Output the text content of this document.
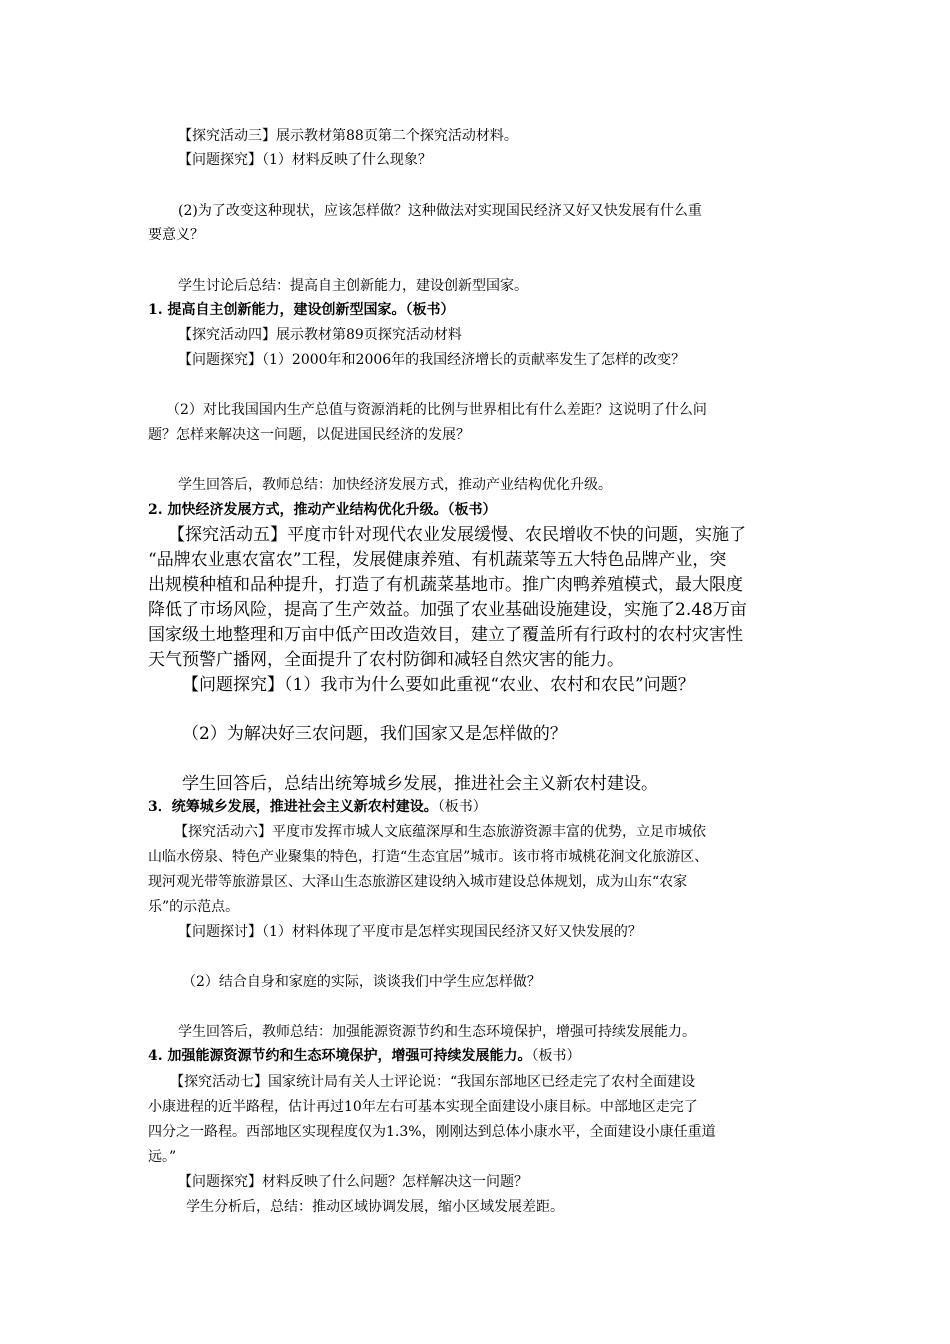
【探究活动三】展示教材第88页第二个探究活动材料。

【问题探究】（1）材料反映了什么现象？

(2)为了改变这种现状，应该怎样做？这种做法对实现国民经济又好又快发展有什么重

要意义？

学生讨论后总结：提高自主创新能力，建设创新型国家。

1. 提高自主创新能力，建设创新型国家。（板书）

【探究活动四】展示教材第89页探究活动材料

【问题探究】（1）2000年和2006年的我国经济增长的贡献率发生了怎样的改变？

（2）对比我国国内生产总值与资源消耗的比例与世界相比有什么差距？这说明了什么问

题？怎样来解决这一问题，以促进国民经济的发展？

学生回答后，教师总结：加快经济发展方式，推动产业结构优化升级。

2. 加快经济发展方式，推动产业结构优化升级。（板书）

【探究活动五】平度市针对现代农业发展缓慢、农民增收不快的问题，实施了

“品牌农业惠农富农”工程，发展健康养殖、有机蔬菜等五大特色品牌产业，突

出规模种植和品种提升，打造了有机蔬菜基地市。推广肉鸭养殖模式，最大限度

降低了市场风险，提高了生产效益。加强了农业基础设施建设，实施了2.48万亩

国家级土地整理和万亩中低产田改造效目，建立了覆盖所有行政村的农村灾害性

天气预警广播网，全面提升了农村防御和减轻自然灾害的能力。

【问题探究】（1）我市为什么要如此重视“农业、农村和农民”问题？

（2）为解决好三农问题，我们国家又是怎样做的？

学生回答后，总结出统筹城乡发展，推进社会主义新农村建设。

3．统筹城乡发展，推进社会主义新农村建设。（板书）

【探究活动六】平度市发挥市城人文底蕴深厚和生态旅游资源丰富的优势，立足市城依

山临水傍泉、特色产业聚集的特色，打造“生态宜居”城市。该市将市城桃花涧文化旅游区、

现河观光带等旅游景区、大泽山生态旅游区建设纳入城市建设总体规划，成为山东“农家

乐”的示范点。

【问题探讨】（1）材料体现了平度市是怎样实现国民经济又好又快发展的？

（2）结合自身和家庭的实际，谈谈我们中学生应怎样做？

学生回答后，教师总结：加强能源资源节约和生态环境保护，增强可持续发展能力。

4. 加强能源资源节约和生态环境保护，增强可持续发展能力。（板书）

【探究活动七】国家统计局有关人士评论说：“我国东部地区已经走完了农村全面建设

小康进程的近半路程，估计再过10年左右可基本实现全面建设小康目标。中部地区走完了

四分之一路程。西部地区实现程度仅为1.3%，刚刚达到总体小康水平，全面建设小康任重道

远。”

【问题探究】材料反映了什么问题？怎样解决这一问题？

学生分析后，总结：推动区域协调发展，缩小区域发展差距。
